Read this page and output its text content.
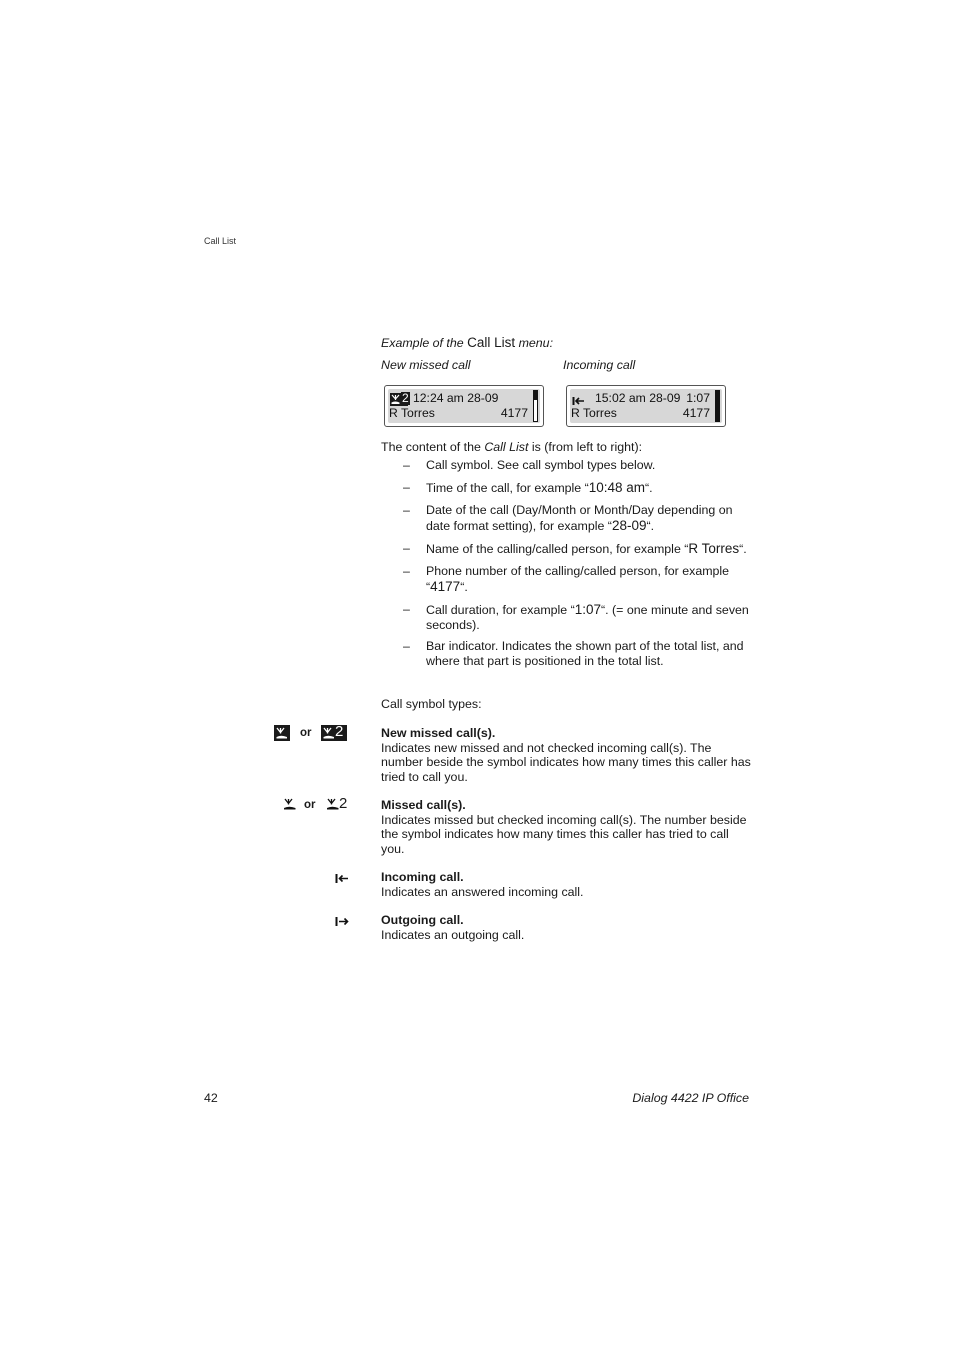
Call List
Example of the Call List menu:
New missed call	Incoming call
2 12:24 am 28-09
R Torres	4177
15:02 am 28-09 1:07
R Torres	4177
The content of the Call List is (from left to right):
– Call symbol. See call symbol types below.
– Time of the call, for example “10:48 am“.
– Date of the call (Day/Month or Month/Day depending on date format setting), for example “28-09“.
– Name of the calling/called person, for example “R Torres“.
– Phone number of the calling/called person, for example “4177“.
– Call duration, for example “1:07“. (= one minute and seven seconds).
– Bar indicator. Indicates the shown part of the total list, and where that part is positioned in the total list.
Call symbol types:
or 2	New missed call(s).
Indicates new missed and not checked incoming call(s). The number beside the symbol indicates how many times this caller has tried to call you.
or 2	Missed call(s).
Indicates missed but checked incoming call(s). The number beside the symbol indicates how many times this caller has tried to call you.
Incoming call.
Indicates an answered incoming call.
Outgoing call.
Indicates an outgoing call.
42	Dialog 4422 IP Office
